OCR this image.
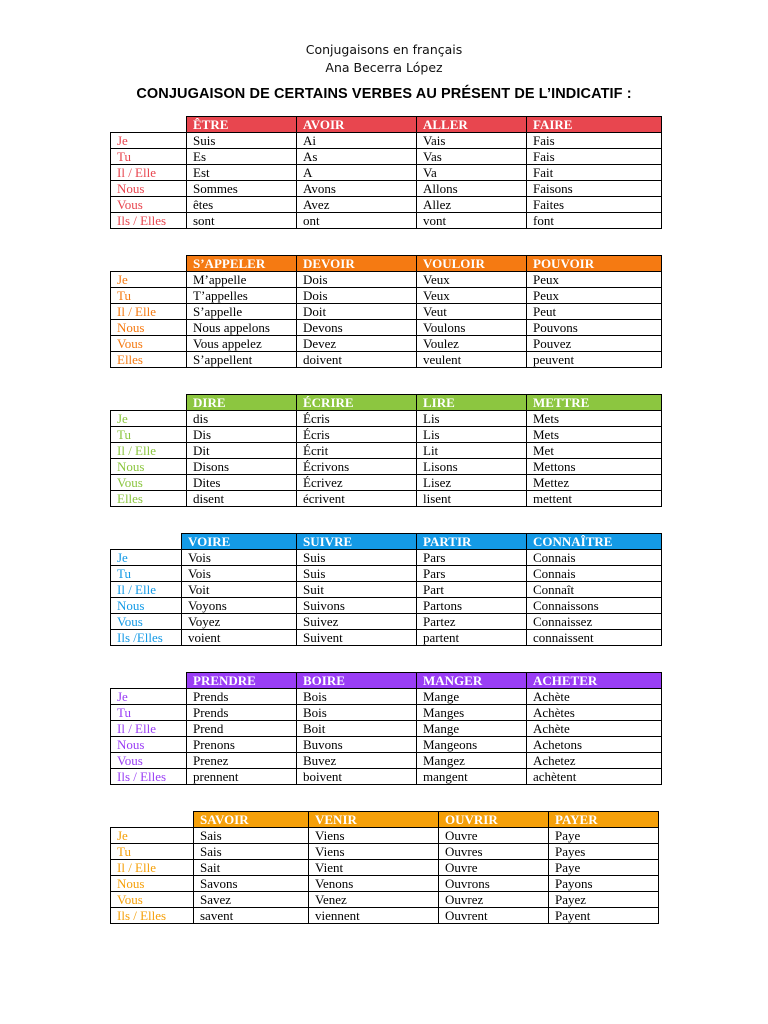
Conjugaisons en français
Ana Becerra López
CONJUGAISON DE CERTAINS VERBES AU PRÉSENT DE L’INDICATIF :
	ÊTRE	AVOIR	ALLER	FAIRE
Je	Suis	Ai	Vais	Fais
Tu	Es	As	Vas	Fais
Il / Elle	Est	A	Va	Fait
Nous	Sommes	Avons	Allons	Faisons
Vous	êtes	Avez	Allez	Faites
Ils / Elles	sont	ont	vont	font
	S’APPELER	DEVOIR	VOULOIR	POUVOIR
Je	M’appelle	Dois	Veux	Peux
Tu	T’appelles	Dois	Veux	Peux
Il / Elle	S’appelle	Doit	Veut	Peut
Nous	Nous appelons	Devons	Voulons	Pouvons
Vous	Vous appelez	Devez	Voulez	Pouvez
Elles	S’appellent	doivent	veulent	peuvent
	DIRE	ÉCRIRE	LIRE	METTRE
Je	dis	Écris	Lis	Mets
Tu	Dis	Écris	Lis	Mets
Il / Elle	Dit	Écrit	Lit	Met
Nous	Disons	Écrivons	Lisons	Mettons
Vous	Dites	Écrivez	Lisez	Mettez
Elles	disent	écrivent	lisent	mettent
	VOIRE	SUIVRE	PARTIR	CONNAÎTRE
Je	Vois	Suis	Pars	Connais
Tu	Vois	Suis	Pars	Connais
Il / Elle	Voit	Suit	Part	Connaît
Nous	Voyons	Suivons	Partons	Connaissons
Vous	Voyez	Suivez	Partez	Connaissez
Ils /Elles	voient	Suivent	partent	connaissent
	PRENDRE	BOIRE	MANGER	ACHETER
Je	Prends	Bois	Mange	Achète
Tu	Prends	Bois	Manges	Achètes
Il / Elle	Prend	Boit	Mange	Achète
Nous	Prenons	Buvons	Mangeons	Achetons
Vous	Prenez	Buvez	Mangez	Achetez
Ils / Elles	prennent	boivent	mangent	achètent
	SAVOIR	VENIR	OUVRIR	PAYER
Je	Sais	Viens	Ouvre	Paye
Tu	Sais	Viens	Ouvres	Payes
Il / Elle	Sait	Vient	Ouvre	Paye
Nous	Savons	Venons	Ouvrons	Payons
Vous	Savez	Venez	Ouvrez	Payez
Ils / Elles	savent	viennent	Ouvrent	Payent
